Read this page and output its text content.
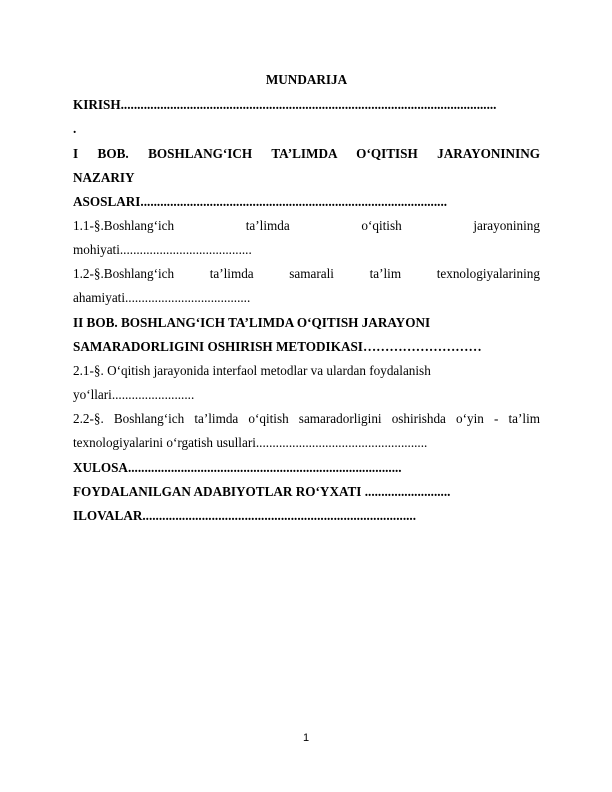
MUNDARIJA
KIRISH..................................................................................................................
.
I BOB. BOSHLANG‘ICH TA’LIMDA O‘QITISH JARAYONINING
NAZARIY
ASOSLARI.............................................................................................
1.1-§.Boshlang‘ich ta’limda o‘qitish jarayonining
mohiyati........................................
1.2-§.Boshlang‘ich ta’limda samarali ta’lim texnologiyalarining
ahamiyati......................................
II BOB. BOSHLANG‘ICH TA’LIMDA O‘QITISH JARAYONI
SAMARADORLIGINI OSHIRISH METODIKASI………………………
2.1-§. O‘qitish jarayonida interfaol metodlar va ulardan foydalanish
yo‘llari.........................
2.2-§. Boshlang‘ich ta’limda o‘qitish samaradorligini oshirishda o‘yin - ta’lim
texnologiyalarini o‘rgatish usullari....................................................
XULOSA...................................................................................
FOYDALANILGAN ADABIYOTLAR RO‘YXATI ..........................
ILOVALAR...................................................................................
1
